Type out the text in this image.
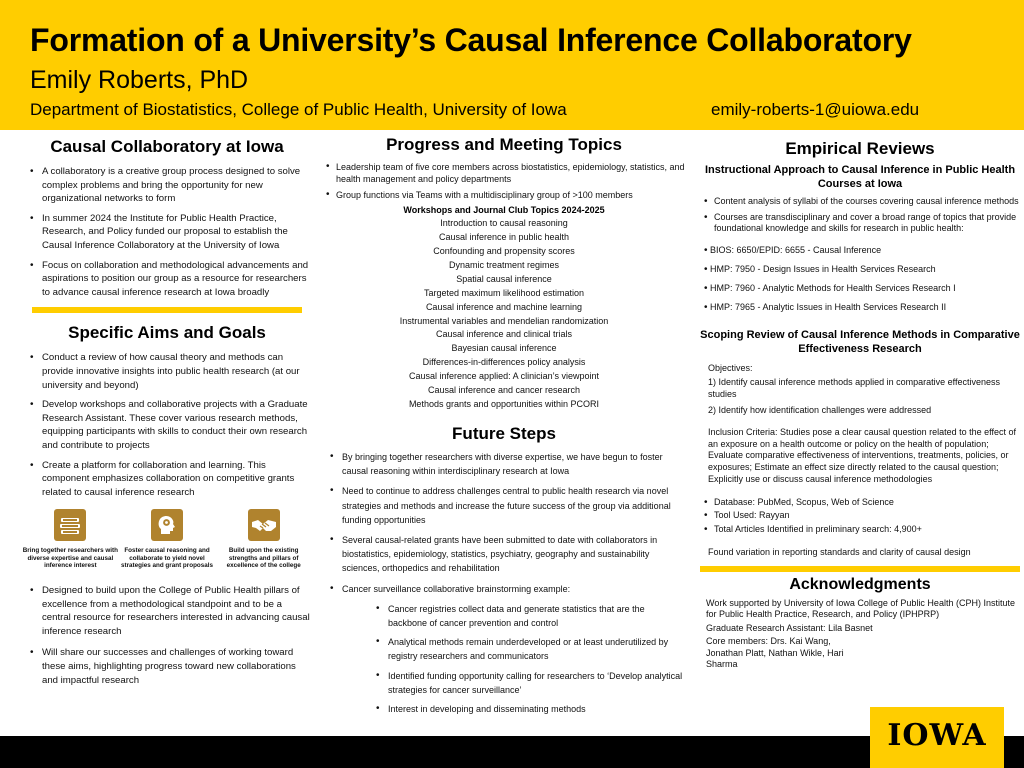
Formation of a University’s Causal Inference Collaboratory
Emily Roberts, PhD
Department of Biostatistics, College of Public Health, University of Iowa	emily-roberts-1@uiowa.edu
Causal Collaboratory at Iowa
• A collaboratory is a creative group process designed to solve complex problems and bring the opportunity for new organizational networks to form
• In summer 2024 the Institute for Public Health Practice, Research, and Policy funded our proposal to establish the Causal Inference Collaboratory at the University of Iowa
• Focus on collaboration and methodological advancements and aspirations to position our group as a resource for researchers to advance causal inference research at Iowa broadly
Specific Aims and Goals
• Conduct a review of how causal theory and methods can provide innovative insights into public health research (at our university and beyond)
• Develop workshops and collaborative projects with a Graduate Research Assistant. These cover various research methods, equipping participants with skills to conduct their own research and contribute to projects
• Create a platform for collaboration and learning. This component emphasizes collaboration on competitive grants related to causal inference research
Bring together researchers with diverse expertise and causal inference interest
Foster causal reasoning and collaborate to yield novel strategies and grant proposals
Build upon the existing strengths and pillars of excellence of the college
• Designed to build upon the College of Public Health pillars of excellence from a methodological standpoint and to be a central resource for researchers interested in advancing causal inference research
• Will share our successes and challenges of working toward these aims, highlighting progress toward new collaborations and impactful research
Progress and Meeting Topics
• Leadership team of five core members across biostatistics, epidemiology, statistics, and health management and policy departments
• Group functions via Teams with a multidisciplinary group of >100 members
Workshops and Journal Club Topics 2024-2025
Introduction to causal reasoning
Causal inference in public health
Confounding and propensity scores
Dynamic treatment regimes
Spatial causal inference
Targeted maximum likelihood estimation
Causal inference and machine learning
Instrumental variables and mendelian randomization
Causal inference and clinical trials
Bayesian causal inference
Differences-in-differences policy analysis
Causal inference applied: A clinician’s viewpoint
Causal inference and cancer research
Methods grants and opportunities within PCORI
Future Steps
• By bringing together researchers with diverse expertise, we have begun to foster causal reasoning within interdisciplinary research at Iowa
• Need to continue to address challenges central to public health research via novel strategies and methods and increase the future success of the group via additional funding opportunities
• Several causal-related grants have been submitted to date with collaborators in biostatistics, epidemiology, statistics, psychiatry, geography and sustainability sciences, orthopedics and rehabilitation
• Cancer surveillance collaborative brainstorming example:
• Cancer registries collect data and generate statistics that are the backbone of cancer prevention and control
• Analytical methods remain underdeveloped or at least underutilized by registry researchers and communicators
• Identified funding opportunity calling for researchers to ‘Develop analytical strategies for cancer surveillance’
• Interest in developing and disseminating methods
Empirical Reviews
Instructional Approach to Causal Inference in Public Health Courses at Iowa
• Content analysis of syllabi of the courses covering causal inference methods
• Courses are transdisciplinary and cover a broad range of topics that provide foundational knowledge and skills for research in public health:
• BIOS: 6650/EPID: 6655 - Causal Inference
• HMP: 7950 - Design Issues in Health Services Research
• HMP: 7960 - Analytic Methods for Health Services Research I
• HMP: 7965 - Analytic Issues in Health Services Research II
Scoping Review of Causal Inference Methods in Comparative Effectiveness Research
Objectives:
1) Identify causal inference methods applied in comparative effectiveness studies
2) Identify how identification challenges were addressed
Inclusion Criteria: Studies pose a clear causal question related to the effect of an exposure on a health outcome or policy on the health of population; Evaluate comparative effectiveness of interventions, treatments, policies, or exposures; Estimate an effect size directly related to the causal question; Explicitly use or discuss causal inference methodologies
• Database: PubMed, Scopus, Web of Science
• Tool Used: Rayyan
• Total Articles Identified in preliminary search: 4,900+
Found variation in reporting standards and clarity of causal design
Acknowledgments
Work supported by University of Iowa College of Public Health (CPH) Institute for Public Health Practice, Research, and Policy (IPHPRP)
Graduate Research Assistant: Lila Basnet
Core members: Drs. Kai Wang, Jonathan Platt, Nathan Wikle, Hari Sharma
IOWA
